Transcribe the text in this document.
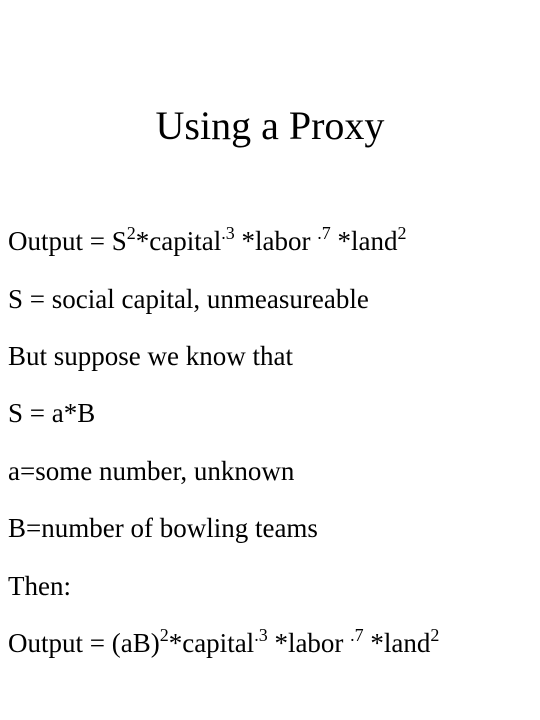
Using a Proxy
Output = $S^2*capital^{.3}$ *labor $^{.7}$ *land$^2$
S = social capital, unmeasureable
But suppose we know that
S = a*B
a=some number, unknown
B=number of bowling teams
Then:
Output = (aB)$^2$*capital$^{.3}$ *labor $^{.7}$ *land$^2$
